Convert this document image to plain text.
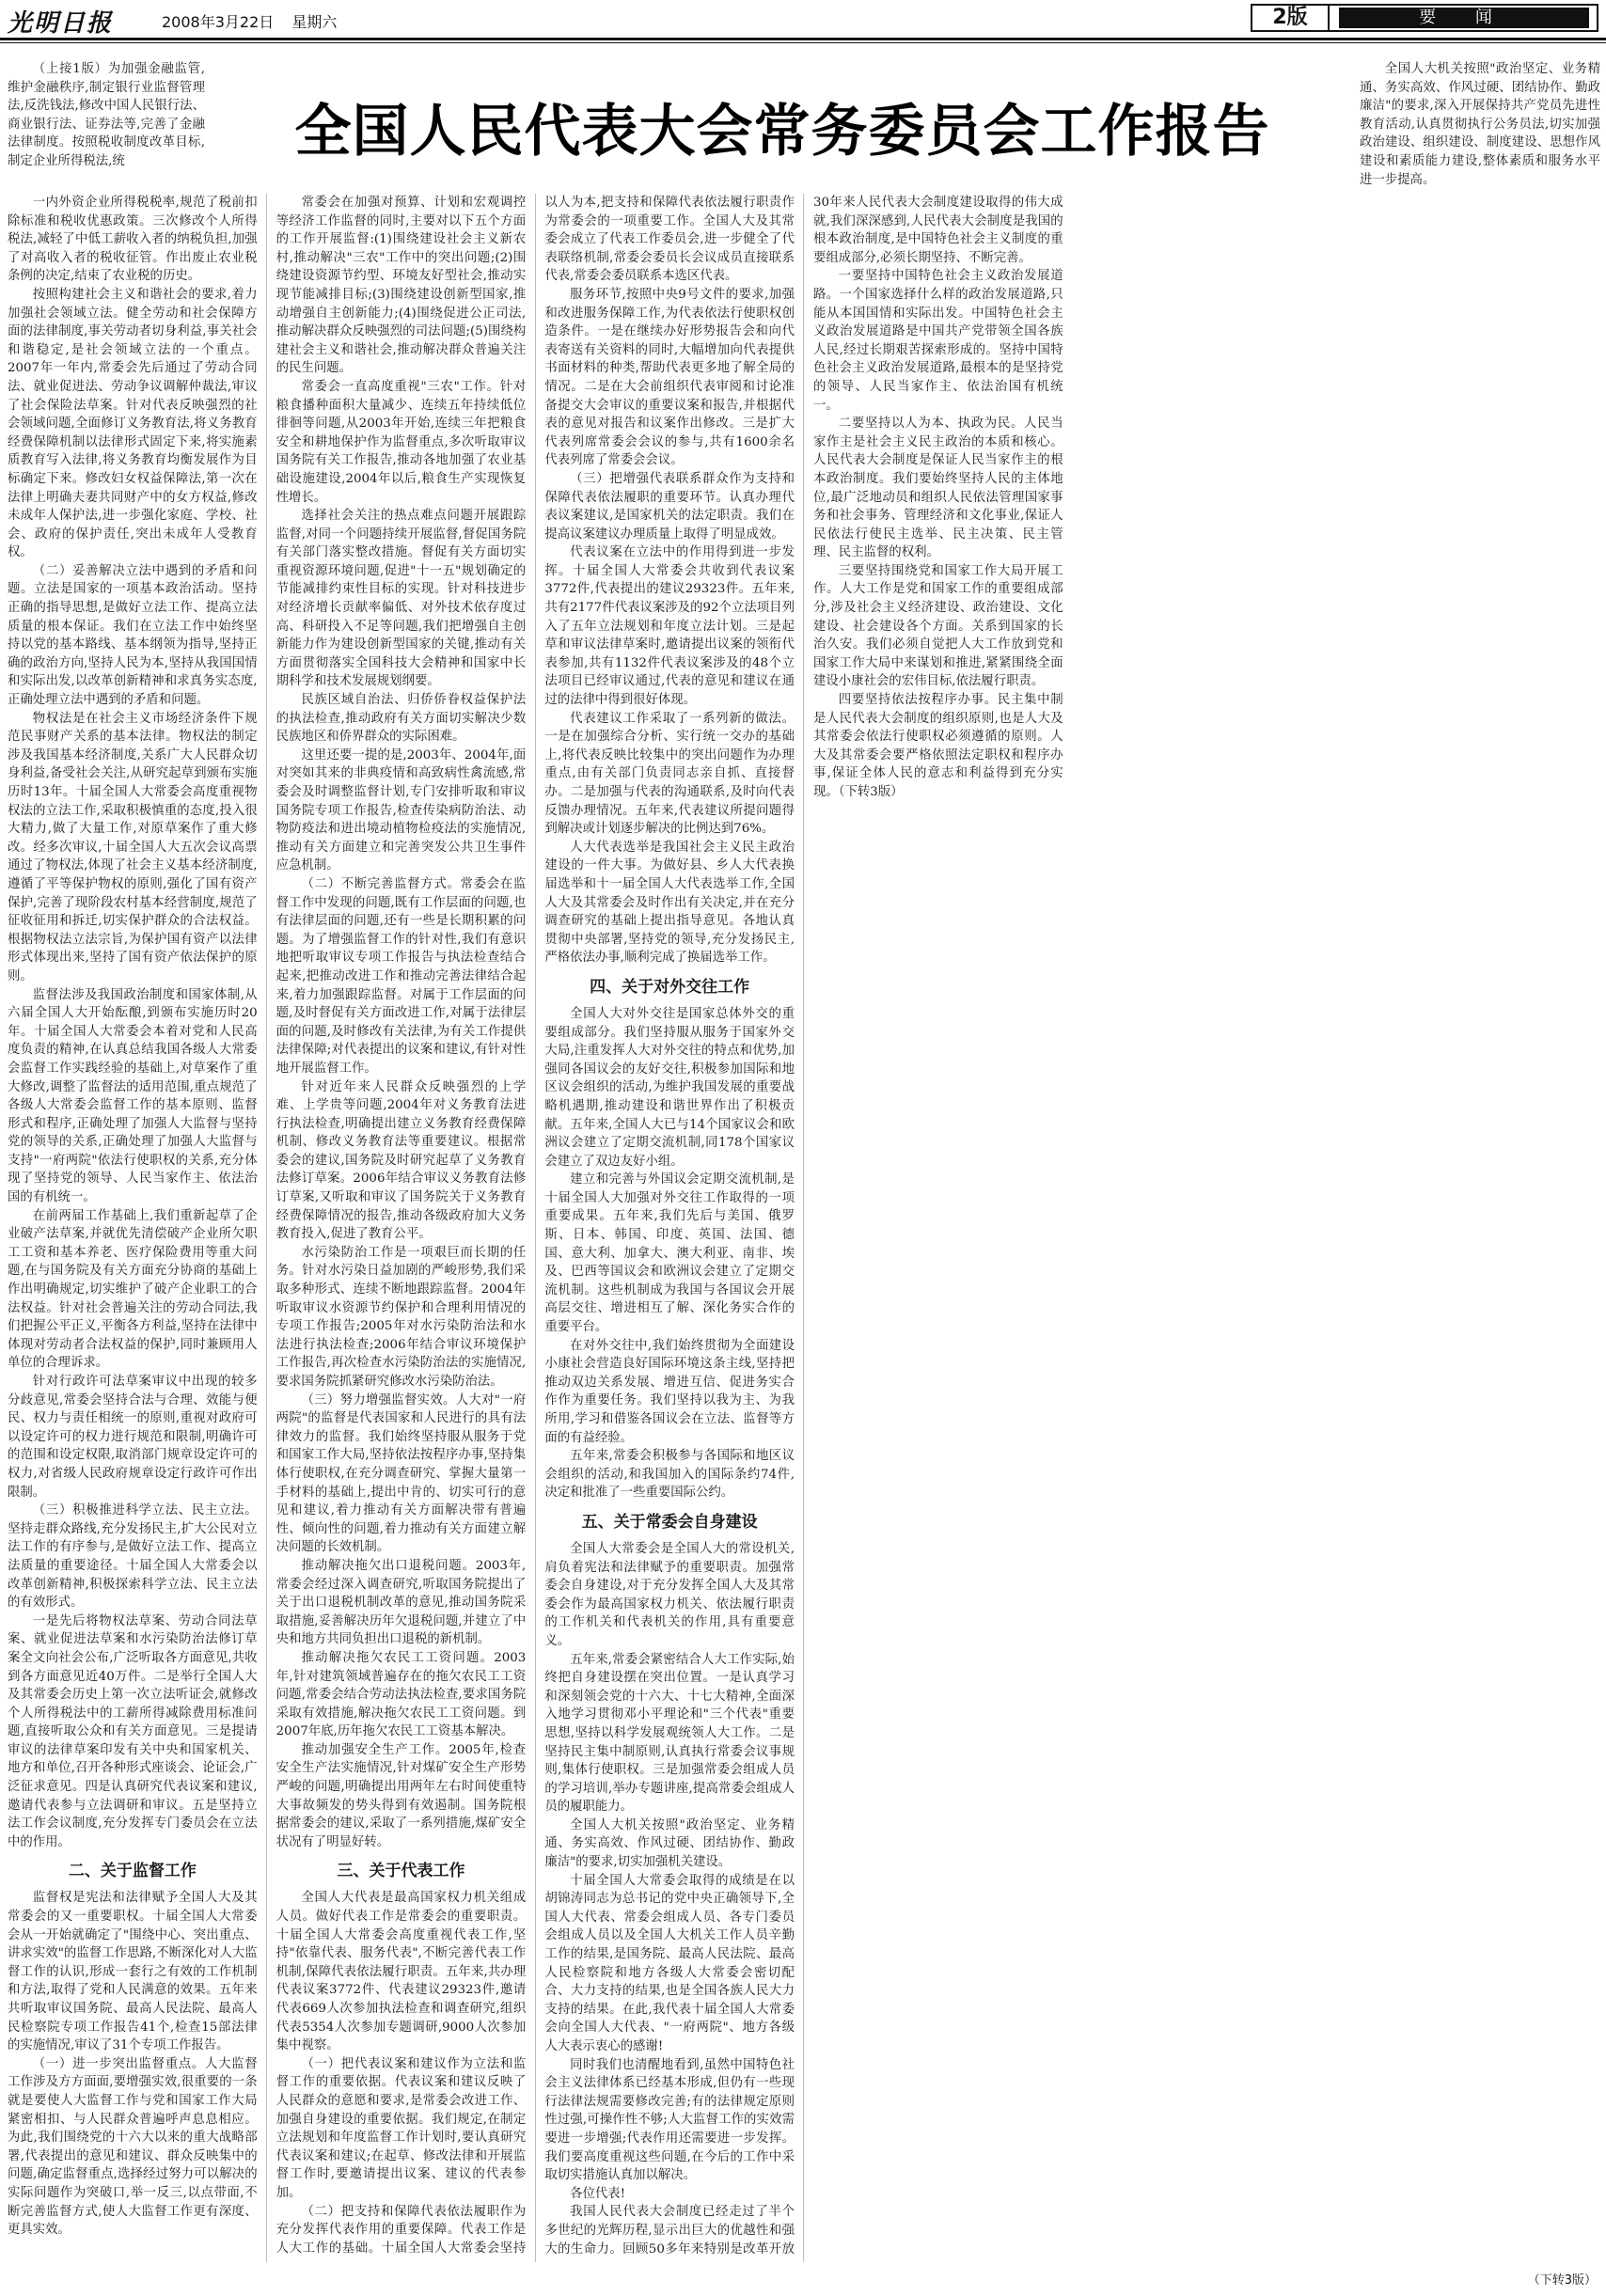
光明日报	2008年3月22日 星期六	2版	要 闻
全国人民代表大会常务委员会工作报告

（上接1版）为加强金融监管,维护金融秩序,制定银行业监督管理法,反洗钱法,修改中国人民银行法、商业银行法、证券法等,完善了金融法律制度。按照税收制度改革目标,制定企业所得税法,统

全国人大机关按照"政治坚定、业务精通、务实高效、作风过硬、团结协作、勤政廉洁"的要求,深入开展保持共产党员先进性教育活动,认真贯彻执行公务员法,切实加强政治建设、组织建设、制度建设、思想作风建设和素质能力建设,整体素质和服务水平进一步提高。

一内外资企业所得税税率,规范了税前扣除标准和税收优惠政策。三次修改个人所得税法,减轻了中低工薪收入者的纳税负担,加强了对高收入者的税收征管。作出废止农业税条例的决定,结束了农业税的历史。

按照构建社会主义和谐社会的要求,着力加强社会领域立法。健全劳动和社会保障方面的法律制度,事关劳动者切身利益,事关社会和谐稳定,是社会领域立法的一个重点。2007年一年内,常委会先后通过了劳动合同法、就业促进法、劳动争议调解仲裁法,审议了社会保险法草案。针对代表反映强烈的社会领域问题,全面修订义务教育法,将义务教育经费保障机制以法律形式固定下来,将实施素质教育写入法律,将义务教育均衡发展作为目标确定下来。修改妇女权益保障法,第一次在法律上明确夫妻共同财产中的女方权益,修改未成年人保护法,进一步强化家庭、学校、社会、政府的保护责任,突出未成年人受教育权。

（二）妥善解决立法中遇到的矛盾和问题。立法是国家的一项基本政治活动。坚持正确的指导思想,是做好立法工作、提高立法质量的根本保证。我们在立法工作中始终坚持以党的基本路线、基本纲领为指导,坚持正确的政治方向,坚持人民为本,坚持从我国国情和实际出发,以改革创新精神和求真务实态度,正确处理立法中遇到的矛盾和问题。

物权法是在社会主义市场经济条件下规范民事财产关系的基本法律。物权法的制定涉及我国基本经济制度,关系广大人民群众切身利益,备受社会关注,从研究起草到颁布实施历时13年。十届全国人大常委会高度重视物权法的立法工作,采取积极慎重的态度,投入很大精力,做了大量工作,对原草案作了重大修改。经多次审议,十届全国人大五次会议高票通过了物权法,体现了社会主义基本经济制度,遵循了平等保护物权的原则,强化了国有资产保护,完善了现阶段农村基本经营制度,规范了征收征用和拆迁,切实保护群众的合法权益。根据物权法立法宗旨,为保护国有资产以法律形式体现出来,坚持了国有资产依法保护的原则。

监督法涉及我国政治制度和国家体制,从六届全国人大开始酝酿,到颁布实施历时20年。十届全国人大常委会本着对党和人民高度负责的精神,在认真总结我国各级人大常委会监督工作实践经验的基础上,对草案作了重大修改,调整了监督法的适用范围,重点规范了各级人大常委会监督工作的基本原则、监督形式和程序,正确处理了加强人大监督与坚持党的领导的关系,正确处理了加强人大监督与支持"一府两院"依法行使职权的关系,充分体现了坚持党的领导、人民当家作主、依法治国的有机统一。

在前两届工作基础上,我们重新起草了企业破产法草案,并就优先清偿破产企业所欠职工工资和基本养老、医疗保险费用等重大问题,在与国务院及有关方面充分协商的基础上作出明确规定,切实维护了破产企业职工的合法权益。针对社会普遍关注的劳动合同法,我们把握公平正义,平衡各方利益,坚持在法律中体现对劳动者合法权益的保护,同时兼顾用人单位的合理诉求。

针对行政许可法草案审议中出现的较多分歧意见,常委会坚持合法与合理、效能与便民、权力与责任相统一的原则,重视对政府可以设定许可的权力进行规范和限制,明确许可的范围和设定权限,取消部门规章设定许可的权力,对省级人民政府规章设定行政许可作出限制。

（三）积极推进科学立法、民主立法。坚持走群众路线,充分发扬民主,扩大公民对立法工作的有序参与,是做好立法工作、提高立法质量的重要途径。十届全国人大常委会以改革创新精神,积极探索科学立法、民主立法的有效形式。

一是先后将物权法草案、劳动合同法草案、就业促进法草案和水污染防治法修订草案全文向社会公布,广泛听取各方面意见,共收到各方面意见近40万件。二是举行全国人大及其常委会历史上第一次立法听证会,就修改个人所得税法中的工薪所得减除费用标准问题,直接听取公众和有关方面意见。三是提请审议的法律草案印发有关中央和国家机关、地方和单位,召开各种形式座谈会、论证会,广泛征求意见。四是认真研究代表议案和建议,邀请代表参与立法调研和审议。五是坚持立法工作会议制度,充分发挥专门委员会在立法中的作用。

二、关于监督工作

监督权是宪法和法律赋予全国人大及其常委会的又一重要职权。十届全国人大常委会从一开始就确定了"围绕中心、突出重点、讲求实效"的监督工作思路,不断深化对人大监督工作的认识,形成一套行之有效的工作机制和方法,取得了党和人民满意的效果。五年来共听取审议国务院、最高人民法院、最高人民检察院专项工作报告41个,检查15部法律的实施情况,审议了31个专项工作报告。

（一）进一步突出监督重点。人大监督工作涉及方方面面,要增强实效,很重要的一条就是要使人大监督工作与党和国家工作大局紧密相扣、与人民群众普遍呼声息息相应。为此,我们围绕党的十六大以来的重大战略部署,代表提出的意见和建议、群众反映集中的问题,确定监督重点,选择经过努力可以解决的实际问题作为突破口,举一反三,以点带面,不断完善监督方式,使人大监督工作更有深度、更具实效。

常委会在加强对预算、计划和宏观调控等经济工作监督的同时,主要对以下五个方面的工作开展监督:(1)围绕建设社会主义新农村,推动解决"三农"工作中的突出问题;(2)围绕建设资源节约型、环境友好型社会,推动实现节能减排目标;(3)围绕建设创新型国家,推动增强自主创新能力;(4)围绕促进公正司法,推动解决群众反映强烈的司法问题;(5)围绕构建社会主义和谐社会,推动解决群众普遍关注的民生问题。

常委会一直高度重视"三农"工作。针对粮食播种面积大量减少、连续五年持续低位徘徊等问题,从2003年开始,连续三年把粮食安全和耕地保护作为监督重点,多次听取审议国务院有关工作报告,推动各地加强了农业基础设施建设,2004年以后,粮食生产实现恢复性增长。

选择社会关注的热点难点问题开展跟踪监督,对同一个问题持续开展监督,督促国务院有关部门落实整改措施。督促有关方面切实重视资源环境问题,促进"十一五"规划确定的节能减排约束性目标的实现。针对科技进步对经济增长贡献率偏低、对外技术依存度过高、科研投入不足等问题,我们把增强自主创新能力作为建设创新型国家的关键,推动有关方面贯彻落实全国科技大会精神和国家中长期科学和技术发展规划纲要。

民族区域自治法、归侨侨眷权益保护法的执法检查,推动政府有关方面切实解决少数民族地区和侨界群众的实际困难。

这里还要一提的是,2003年、2004年,面对突如其来的非典疫情和高致病性禽流感,常委会及时调整监督计划,专门安排听取和审议国务院专项工作报告,检查传染病防治法、动物防疫法和进出境动植物检疫法的实施情况,推动有关方面建立和完善突发公共卫生事件应急机制。

（二）不断完善监督方式。常委会在监督工作中发现的问题,既有工作层面的问题,也有法律层面的问题,还有一些是长期积累的问题。为了增强监督工作的针对性,我们有意识地把听取审议专项工作报告与执法检查结合起来,把推动改进工作和推动完善法律结合起来,着力加强跟踪监督。对属于工作层面的问题,及时督促有关方面改进工作,对属于法律层面的问题,及时修改有关法律,为有关工作提供法律保障;对代表提出的议案和建议,有针对性地开展监督工作。

针对近年来人民群众反映强烈的上学难、上学贵等问题,2004年对义务教育法进行执法检查,明确提出建立义务教育经费保障机制、修改义务教育法等重要建议。根据常委会的建议,国务院及时研究起草了义务教育法修订草案。2006年结合审议义务教育法修订草案,又听取和审议了国务院关于义务教育经费保障情况的报告,推动各级政府加大义务教育投入,促进了教育公平。

水污染防治工作是一项艰巨而长期的任务。针对水污染日益加剧的严峻形势,我们采取多种形式、连续不断地跟踪监督。2004年听取审议水资源节约保护和合理利用情况的专项工作报告;2005年对水污染防治法和水法进行执法检查;2006年结合审议环境保护工作报告,再次检查水污染防治法的实施情况,要求国务院抓紧研究修改水污染防治法。

（三）努力增强监督实效。人大对"一府两院"的监督是代表国家和人民进行的具有法律效力的监督。我们始终坚持服从服务于党和国家工作大局,坚持依法按程序办事,坚持集体行使职权,在充分调查研究、掌握大量第一手材料的基础上,提出中肯的、切实可行的意见和建议,着力推动有关方面解决带有普遍性、倾向性的问题,着力推动有关方面建立解决问题的长效机制。

推动解决拖欠出口退税问题。2003年,常委会经过深入调查研究,听取国务院提出了关于出口退税机制改革的意见,推动国务院采取措施,妥善解决历年欠退税问题,并建立了中央和地方共同负担出口退税的新机制。

推动解决拖欠农民工工资问题。2003年,针对建筑领域普遍存在的拖欠农民工工资问题,常委会结合劳动法执法检查,要求国务院采取有效措施,解决拖欠农民工工资问题。到2007年底,历年拖欠农民工工资基本解决。

推动加强安全生产工作。2005年,检查安全生产法实施情况,针对煤矿安全生产形势严峻的问题,明确提出用两年左右时间使重特大事故频发的势头得到有效遏制。国务院根据常委会的建议,采取了一系列措施,煤矿安全状况有了明显好转。

三、关于代表工作

全国人大代表是最高国家权力机关组成人员。做好代表工作是常委会的重要职责。十届全国人大常委会高度重视代表工作,坚持"依靠代表、服务代表",不断完善代表工作机制,保障代表依法履行职责。五年来,共办理代表议案3772件、代表建议29323件,邀请代表669人次参加执法检查和调查研究,组织代表5354人次参加专题调研,9000人次参加集中视察。

（一）把代表议案和建议作为立法和监督工作的重要依据。代表议案和建议反映了人民群众的意愿和要求,是常委会改进工作、加强自身建设的重要依据。我们规定,在制定立法规划和年度监督工作计划时,要认真研究代表议案和建议;在起草、修改法律和开展监督工作时,要邀请提出议案、建议的代表参加。

（二）把支持和保障代表依法履职作为充分发挥代表作用的重要保障。代表工作是人大工作的基础。十届全国人大常委会坚持以人为本,把支持和保障代表依法履行职责作为常委会的一项重要工作。全国人大及其常委会成立了代表工作委员会,进一步健全了代表联络机制,常委会委员长会议成员直接联系代表,常委会委员联系本选区代表。

服务环节,按照中央9号文件的要求,加强和改进服务保障工作,为代表依法行使职权创造条件。一是在继续办好形势报告会和向代表寄送有关资料的同时,大幅增加向代表提供书面材料的种类,帮助代表更多地了解全局的情况。二是在大会前组织代表审阅和讨论准备提交大会审议的重要议案和报告,并根据代表的意见对报告和议案作出修改。三是扩大代表列席常委会会议的参与,共有1600余名代表列席了常委会会议。

（三）把增强代表联系群众作为支持和保障代表依法履职的重要环节。认真办理代表议案建议,是国家机关的法定职责。我们在提高议案建议办理质量上取得了明显成效。

代表议案在立法中的作用得到进一步发挥。十届全国人大常委会共收到代表议案3772件,代表提出的建议29323件。五年来,共有2177件代表议案涉及的92个立法项目列入了五年立法规划和年度立法计划。三是起草和审议法律草案时,邀请提出议案的领衔代表参加,共有1132件代表议案涉及的48个立法项目已经审议通过,代表的意见和建议在通过的法律中得到很好体现。

代表建议工作采取了一系列新的做法。一是在加强综合分析、实行统一交办的基础上,将代表反映比较集中的突出问题作为办理重点,由有关部门负责同志亲自抓、直接督办。二是加强与代表的沟通联系,及时向代表反馈办理情况。五年来,代表建议所提问题得到解决或计划逐步解决的比例达到76%。

人大代表选举是我国社会主义民主政治建设的一件大事。为做好县、乡人大代表换届选举和十一届全国人大代表选举工作,全国人大及其常委会及时作出有关决定,并在充分调查研究的基础上提出指导意见。各地认真贯彻中央部署,坚持党的领导,充分发扬民主,严格依法办事,顺利完成了换届选举工作。

四、关于对外交往工作

全国人大对外交往是国家总体外交的重要组成部分。我们坚持服从服务于国家外交大局,注重发挥人大对外交往的特点和优势,加强同各国议会的友好交往,积极参加国际和地区议会组织的活动,为维护我国发展的重要战略机遇期,推动建设和谐世界作出了积极贡献。五年来,全国人大已与14个国家议会和欧洲议会建立了定期交流机制,同178个国家议会建立了双边友好小组。

建立和完善与外国议会定期交流机制,是十届全国人大加强对外交往工作取得的一项重要成果。五年来,我们先后与美国、俄罗斯、日本、韩国、印度、英国、法国、德国、意大利、加拿大、澳大利亚、南非、埃及、巴西等国议会和欧洲议会建立了定期交流机制。这些机制成为我国与各国议会开展高层交往、增进相互了解、深化务实合作的重要平台。

在对外交往中,我们始终贯彻为全面建设小康社会营造良好国际环境这条主线,坚持把推动双边关系发展、增进互信、促进务实合作作为重要任务。我们坚持以我为主、为我所用,学习和借鉴各国议会在立法、监督等方面的有益经验。

五年来,常委会积极参与各国际和地区议会组织的活动,和我国加入的国际条约74件,决定和批准了一些重要国际公约。

五、关于常委会自身建设

全国人大常委会是全国人大的常设机关,肩负着宪法和法律赋予的重要职责。加强常委会自身建设,对于充分发挥全国人大及其常委会作为最高国家权力机关、依法履行职责的工作机关和代表机关的作用,具有重要意义。

五年来,常委会紧密结合人大工作实际,始终把自身建设摆在突出位置。一是认真学习和深刻领会党的十六大、十七大精神,全面深入地学习贯彻邓小平理论和"三个代表"重要思想,坚持以科学发展观统领人大工作。二是坚持民主集中制原则,认真执行常委会议事规则,集体行使职权。三是加强常委会组成人员的学习培训,举办专题讲座,提高常委会组成人员的履职能力。

全国人大机关按照"政治坚定、业务精通、务实高效、作风过硬、团结协作、勤政廉洁"的要求,切实加强机关建设。

十届全国人大常委会取得的成绩是在以胡锦涛同志为总书记的党中央正确领导下,全国人大代表、常委会组成人员、各专门委员会组成人员以及全国人大机关工作人员辛勤工作的结果,是国务院、最高人民法院、最高人民检察院和地方各级人大常委会密切配合、大力支持的结果,也是全国各族人民大力支持的结果。在此,我代表十届全国人大常委会向全国人大代表、"一府两院"、地方各级人大表示衷心的感谢!

同时我们也清醒地看到,虽然中国特色社会主义法律体系已经基本形成,但仍有一些现行法律法规需要修改完善;有的法律规定原则性过强,可操作性不够;人大监督工作的实效需要进一步增强;代表作用还需要进一步发挥。我们要高度重视这些问题,在今后的工作中采取切实措施认真加以解决。

各位代表!

我国人民代表大会制度已经走过了半个多世纪的光辉历程,显示出巨大的优越性和强大的生命力。回顾50多年来特别是改革开放30年来人民代表大会制度建设取得的伟大成就,我们深深感到,人民代表大会制度是我国的根本政治制度,是中国特色社会主义制度的重要组成部分,必须长期坚持、不断完善。

一要坚持中国特色社会主义政治发展道路。一个国家选择什么样的政治发展道路,只能从本国国情和实际出发。中国特色社会主义政治发展道路是中国共产党带领全国各族人民,经过长期艰苦探索形成的。坚持中国特色社会主义政治发展道路,最根本的是坚持党的领导、人民当家作主、依法治国有机统一。

二要坚持以人为本、执政为民。人民当家作主是社会主义民主政治的本质和核心。人民代表大会制度是保证人民当家作主的根本政治制度。我们要始终坚持人民的主体地位,最广泛地动员和组织人民依法管理国家事务和社会事务、管理经济和文化事业,保证人民依法行使民主选举、民主决策、民主管理、民主监督的权利。

三要坚持围绕党和国家工作大局开展工作。人大工作是党和国家工作的重要组成部分,涉及社会主义经济建设、政治建设、文化建设、社会建设各个方面。关系到国家的长治久安。我们必须自觉把人大工作放到党和国家工作大局中来谋划和推进,紧紧围绕全面建设小康社会的宏伟目标,依法履行职责。

四要坚持依法按程序办事。民主集中制是人民代表大会制度的组织原则,也是人大及其常委会依法行使职权必须遵循的原则。人大及其常委会要严格依照法定职权和程序办事,保证全体人民的意志和利益得到充分实现。（下转3版）

（下转3版）
